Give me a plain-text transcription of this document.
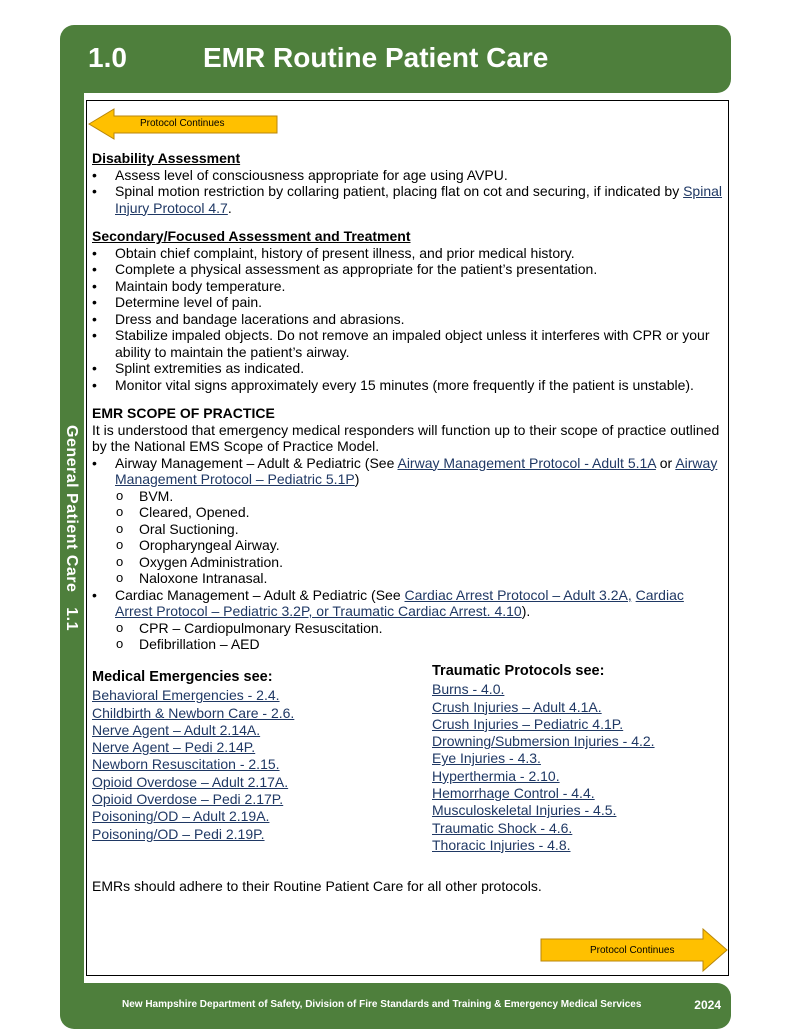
1.0	EMR Routine Patient Care
General Patient Care   1.1
Protocol Continues

Disability Assessment

• Assess level of consciousness appropriate for age using AVPU.
• Spinal motion restriction by collaring patient, placing flat on cot and securing, if indicated by Spinal Injury Protocol 4.7.

Secondary/Focused Assessment and Treatment

• Obtain chief complaint, history of present illness, and prior medical history.
• Complete a physical assessment as appropriate for the patient’s presentation.
• Maintain body temperature.
• Determine level of pain.
• Dress and bandage lacerations and abrasions.
• Stabilize impaled objects. Do not remove an impaled object unless it interferes with CPR or your ability to maintain the patient’s airway.
• Splint extremities as indicated.
• Monitor vital signs approximately every 15 minutes (more frequently if the patient is unstable).

EMR SCOPE OF PRACTICE

It is understood that emergency medical responders will function up to their scope of practice outlined by the National EMS Scope of Practice Model.
• Airway Management – Adult & Pediatric (See Airway Management Protocol - Adult 5.1A or Airway Management Protocol – Pediatric 5.1P)
o BVM.
o Cleared, Opened.
o Oral Suctioning.
o Oropharyngeal Airway.
o Oxygen Administration.
o Naloxone Intranasal.
• Cardiac Management – Adult & Pediatric (See Cardiac Arrest Protocol – Adult 3.2A, Cardiac Arrest Protocol – Pediatric 3.2P, or Traumatic Cardiac Arrest. 4.10).
o CPR – Cardiopulmonary Resuscitation.
o Defibrillation – AED
Medical Emergencies see:
Behavioral Emergencies - 2.4.
Childbirth & Newborn Care - 2.6.
Nerve Agent – Adult 2.14A.
Nerve Agent – Pedi 2.14P.
Newborn Resuscitation - 2.15.
Opioid Overdose – Adult 2.17A.
Opioid Overdose – Pedi 2.17P.
Poisoning/OD – Adult 2.19A.
Poisoning/OD – Pedi 2.19P.
Traumatic Protocols see:
Burns - 4.0.
Crush Injuries – Adult 4.1A.
Crush Injuries – Pediatric 4.1P.
Drowning/Submersion Injuries - 4.2.
Eye Injuries - 4.3.
Hyperthermia - 2.10.
Hemorrhage Control - 4.4.
Musculoskeletal Injuries - 4.5.
Traumatic Shock - 4.6.
Thoracic Injuries - 4.8.
EMRs should adhere to their Routine Patient Care for all other protocols.
Protocol Continues
New Hampshire Department of Safety, Division of Fire Standards and Training & Emergency Medical Services	2024
